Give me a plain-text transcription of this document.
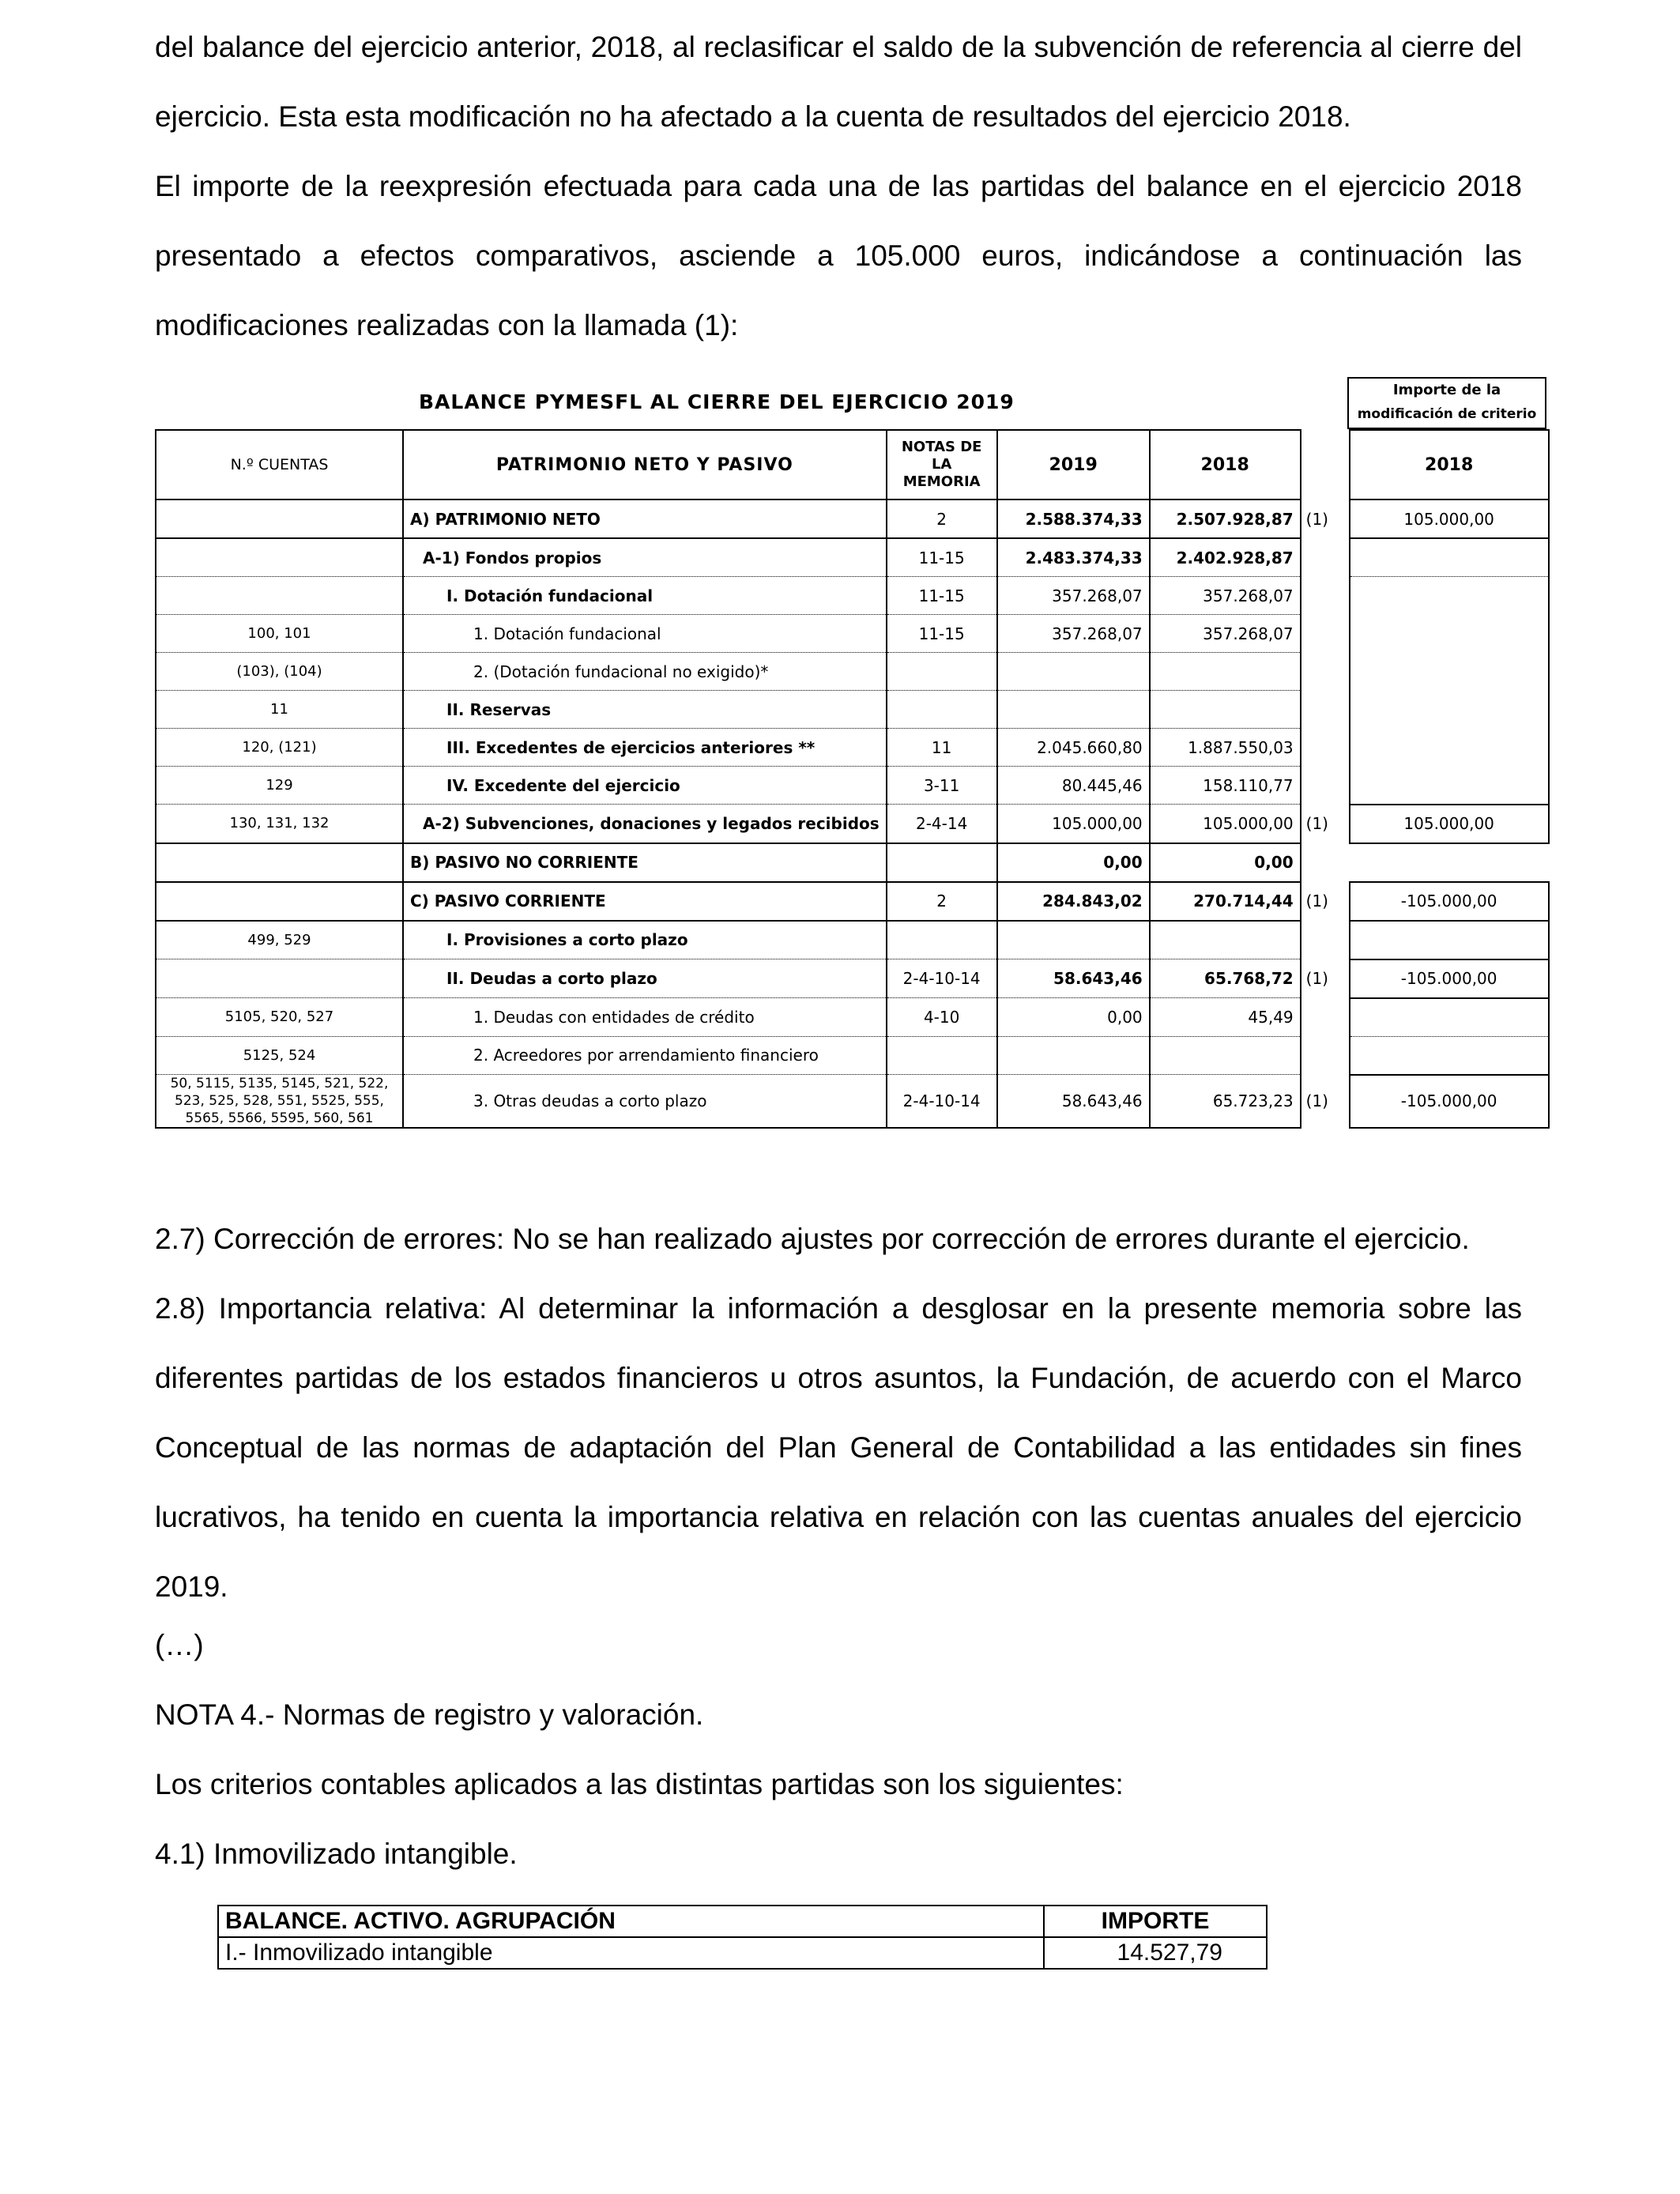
del balance del ejercicio anterior, 2018, al reclasificar el saldo de la subvención de referencia al cierre del ejercicio. Esta esta modificación no ha afectado a la cuenta de resultados del ejercicio 2018.

El importe de la reexpresión efectuada para cada una de las partidas del balance en el ejercicio 2018 presentado a efectos comparativos, asciende a 105.000 euros, indicándose a continuación las modificaciones realizadas con la llamada (1):

BALANCE PYMESFL AL CIERRE DEL EJERCICIO 2019
Importe de la
modificación de criterio
N.º CUENTAS	PATRIMONIO NETO Y PASIVO	NOTAS DE LA MEMORIA	2019	2018		2018
	A) PATRIMONIO NETO	2	2.588.374,33	2.507.928,87	(1)	105.000,00
	A-1) Fondos propios	11-15	2.483.374,33	2.402.928,87		
	I. Dotación fundacional	11-15	357.268,07	357.268,07		
100, 101	1. Dotación fundacional	11-15	357.268,07	357.268,07		
(103), (104)	2. (Dotación fundacional no exigido)*					
11	II. Reservas					
120, (121)	III. Excedentes de ejercicios anteriores **	11	2.045.660,80	1.887.550,03		
129	IV. Excedente del ejercicio	3-11	80.445,46	158.110,77		
130, 131, 132	A-2) Subvenciones, donaciones y legados recibidos	2-4-14	105.000,00	105.000,00	(1)	105.000,00
	B) PASIVO NO CORRIENTE		0,00	0,00		
	C) PASIVO CORRIENTE	2	284.843,02	270.714,44	(1)	-105.000,00
499, 529	I. Provisiones a corto plazo					
	II. Deudas a corto plazo	2-4-10-14	58.643,46	65.768,72	(1)	-105.000,00
5105, 520, 527	1. Deudas con entidades de crédito	4-10	0,00	45,49		
5125, 524	2. Acreedores por arrendamiento financiero					
50, 5115, 5135, 5145, 521, 522, 523, 525, 528, 551, 5525, 555, 5565, 5566, 5595, 560, 561	3. Otras deudas a corto plazo	2-4-10-14	58.643,46	65.723,23	(1)	-105.000,00

2.7) Corrección de errores: No se han realizado ajustes por corrección de errores durante el ejercicio.

2.8) Importancia relativa: Al determinar la información a desglosar en la presente memoria sobre las diferentes partidas de los estados financieros u otros asuntos, la Fundación, de acuerdo con el Marco Conceptual de las normas de adaptación del Plan General de Contabilidad a las entidades sin fines lucrativos, ha tenido en cuenta la importancia relativa en relación con las cuentas anuales del ejercicio 2019.

(…)

NOTA 4.- Normas de registro y valoración.

Los criterios contables aplicados a las distintas partidas son los siguientes:

4.1) Inmovilizado intangible.

BALANCE. ACTIVO. AGRUPACIÓN	IMPORTE
I.- Inmovilizado intangible	14.527,79
